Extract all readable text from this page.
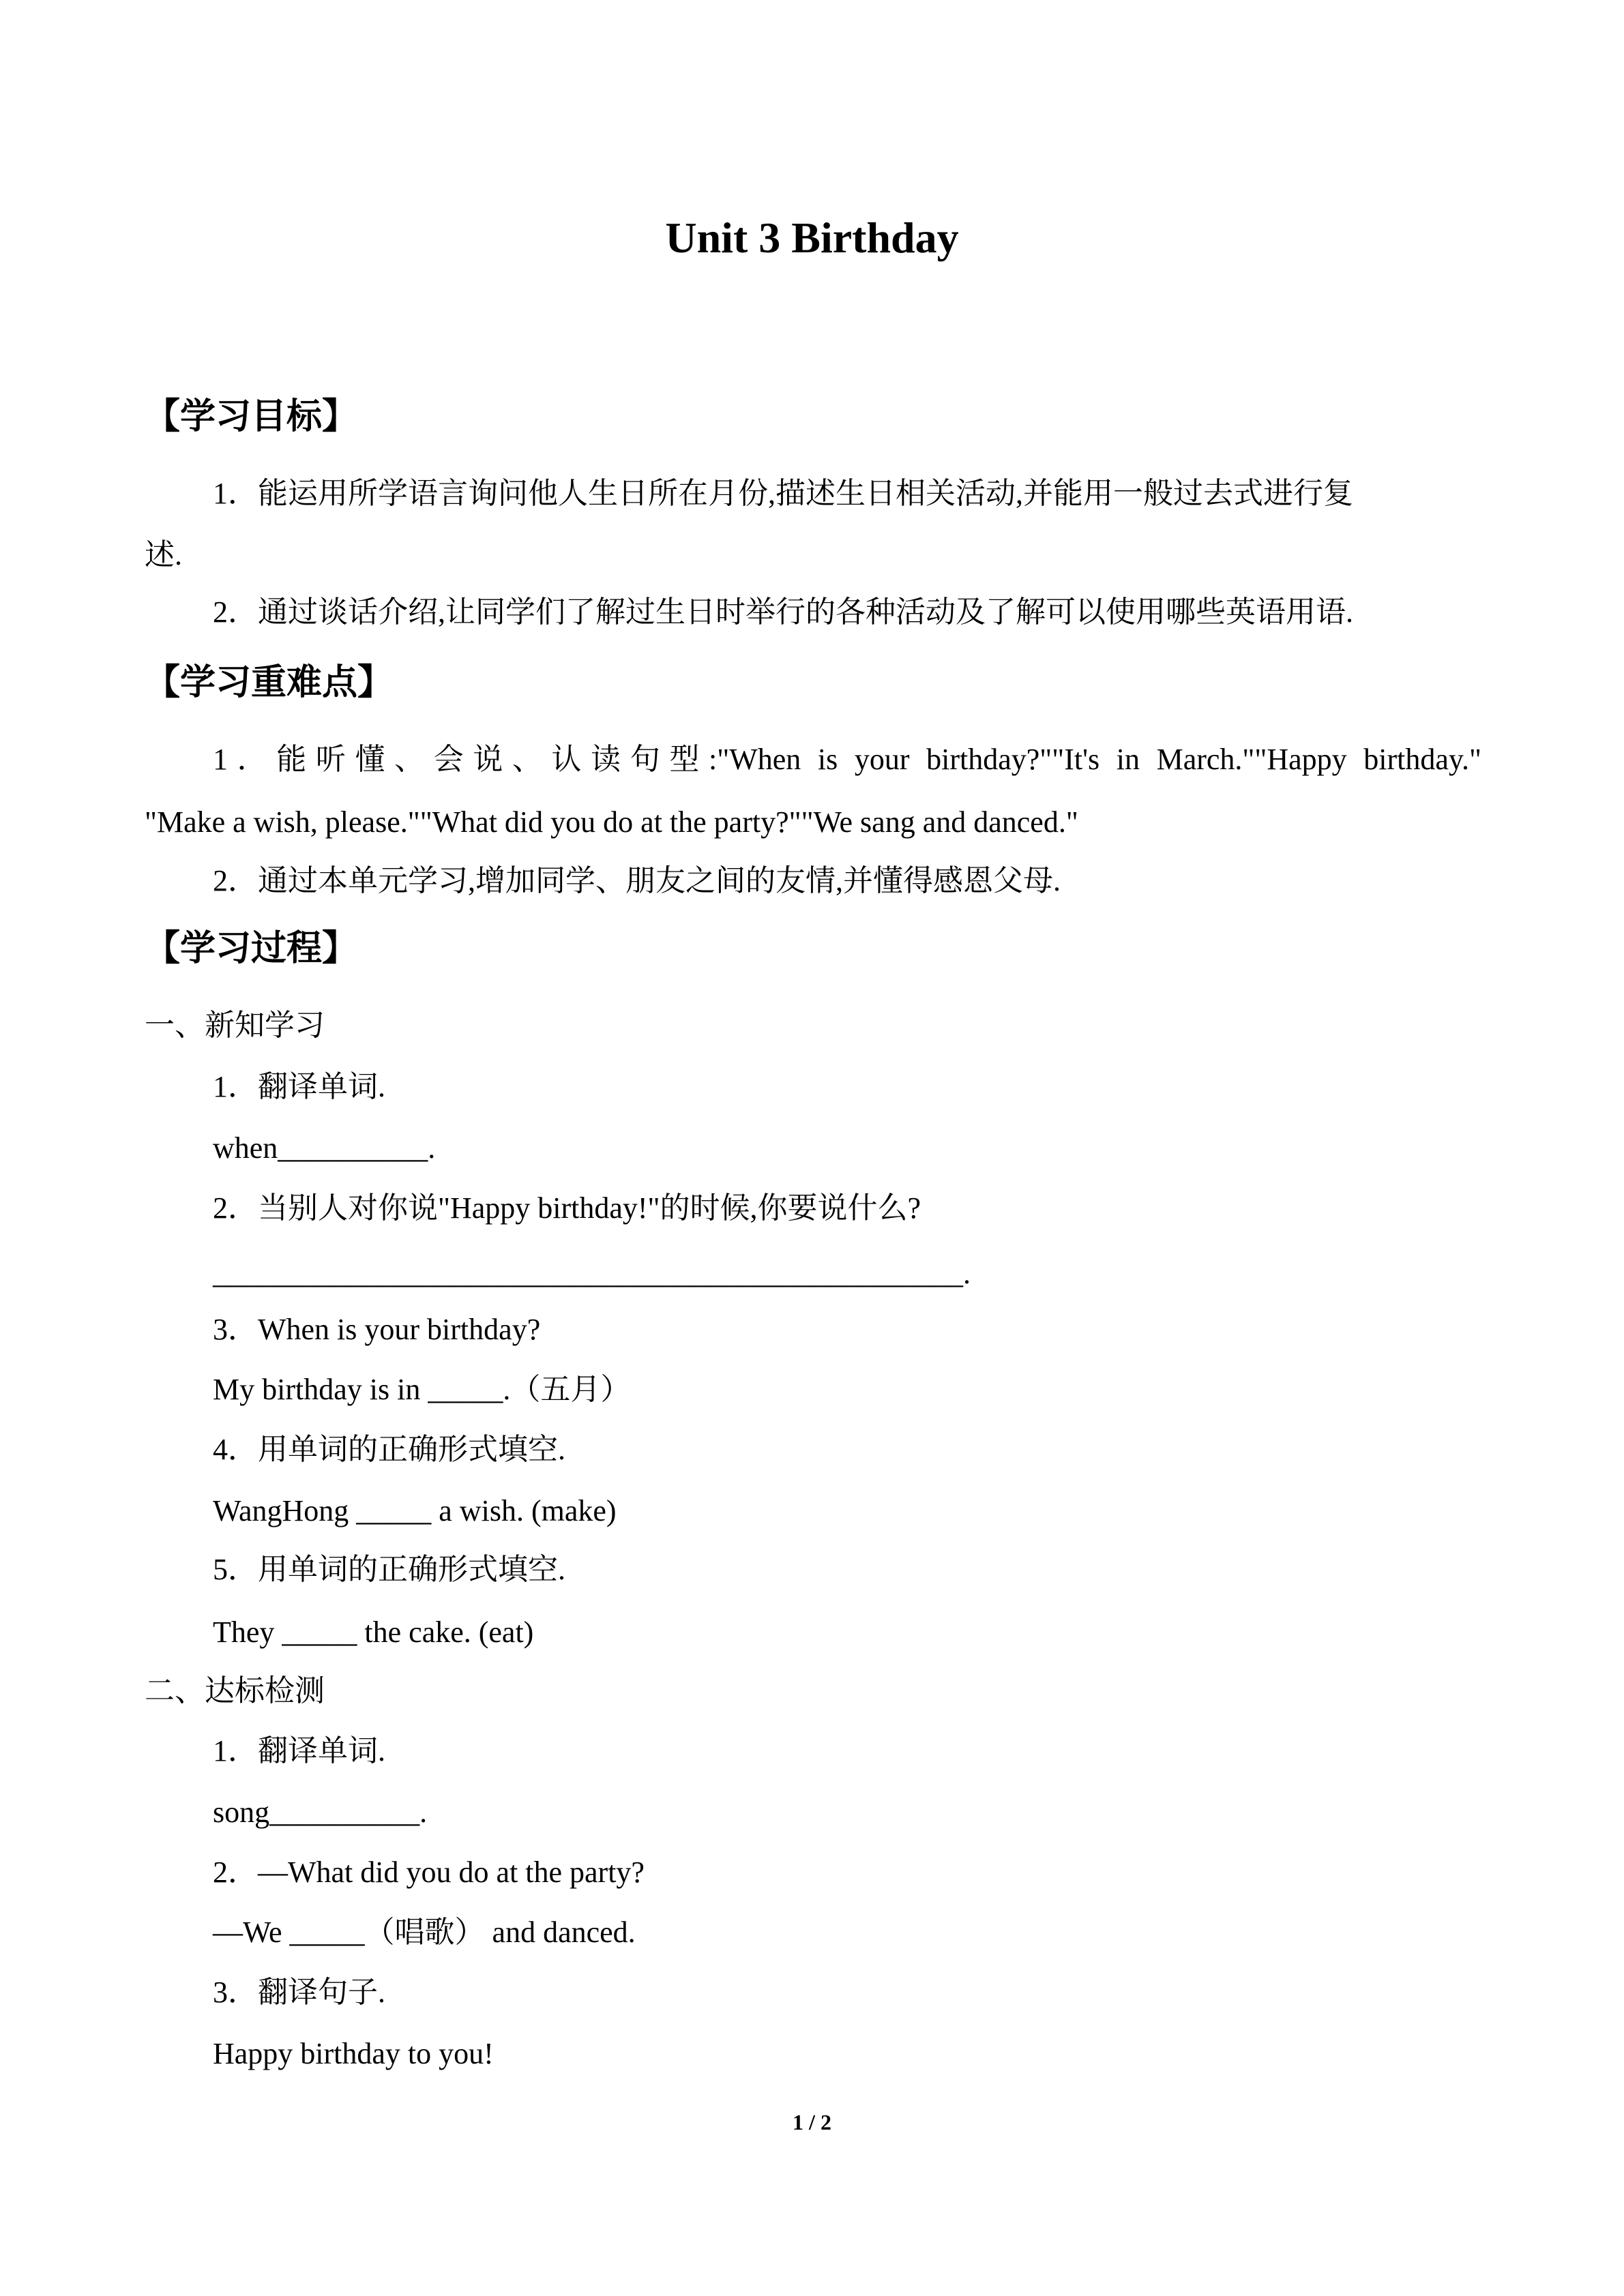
Unit 3 Birthday
【学习目标】
1．能运用所学语言询问他人生日所在月份,描述生日相关活动,并能用一般过去式进行复
述.
2．通过谈话介绍,让同学们了解过生日时举行的各种活动及了解可以使用哪些英语用语.
【学习重难点】
1．能听懂、会说、认读句型:"When is your birthday?""It's in March.""Happy birthday."
"Make a wish, please.""What did you do at the party?""We sang and danced."
2．通过本单元学习,增加同学、朋友之间的友情,并懂得感恩父母.
【学习过程】
一、新知学习
1．翻译单词.
when__________.
2．当别人对你说"Happy birthday!"的时候,你要说什么?
__________________________________________________.
3．When is your birthday?
My birthday is in _____.（五月）
4．用单词的正确形式填空.
WangHong _____ a wish. (make)
5．用单词的正确形式填空.
They _____ the cake. (eat)
二、达标检测
1．翻译单词.
song__________.
2．—What did you do at the party?
—We _____（唱歌） and danced.
3．翻译句子.
Happy birthday to you!
1 / 2
